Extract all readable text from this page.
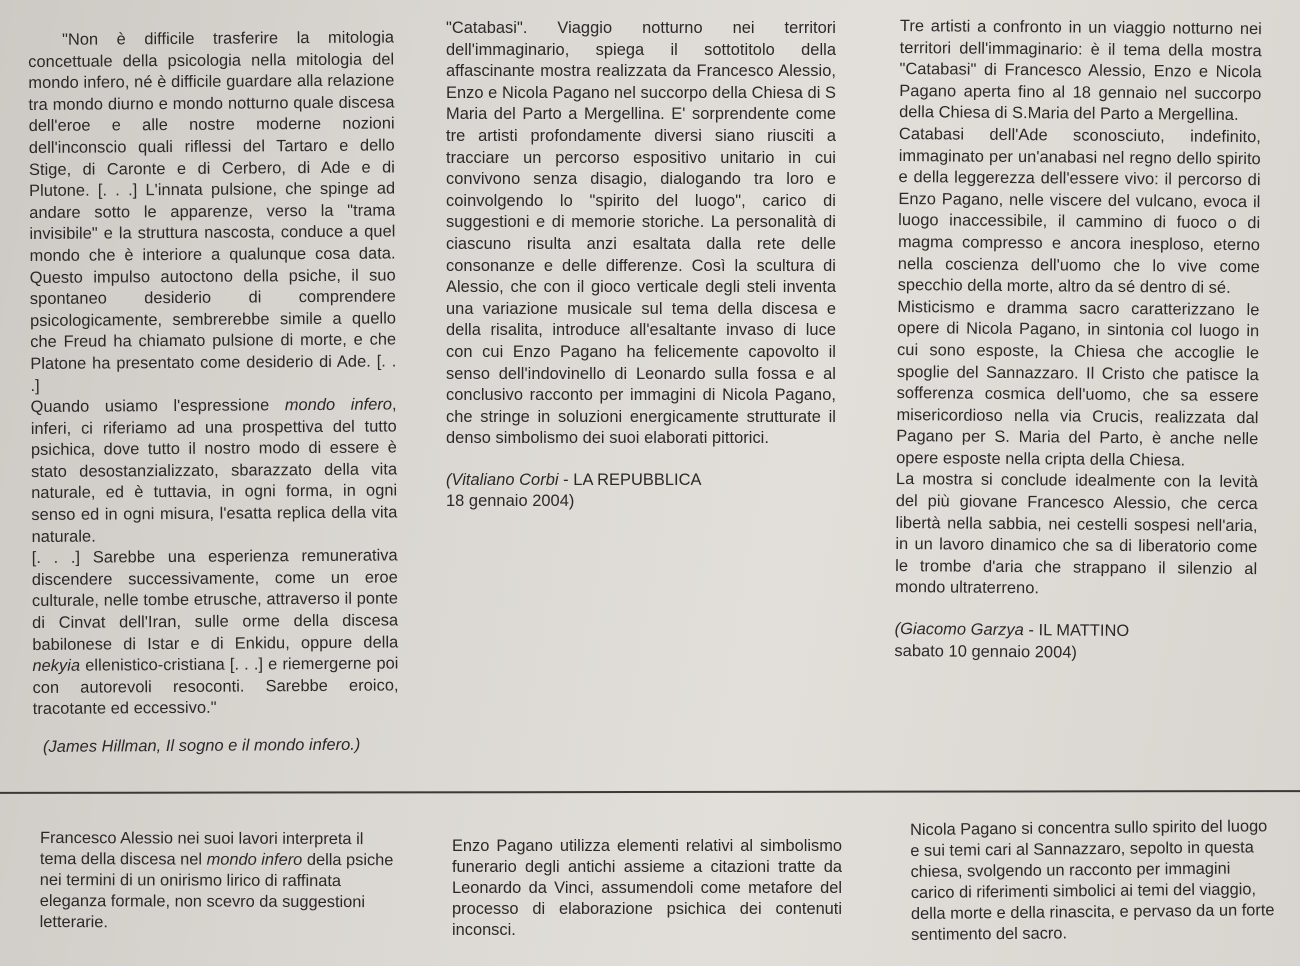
"Non è difficile trasferire la mitologia concettuale della psicologia nella mitologia del mondo infero, né è difficile guardare alla relazione tra mondo diurno e mondo notturno quale discesa dell'eroe e alle nostre moderne nozioni dell'inconscio quali riflessi del Tartaro e dello Stige, di Caronte e di Cerbero, di Ade e di Plutone. [. . .] L'innata pulsione, che spinge ad andare sotto le apparenze, verso la "trama invisibile" e la struttura nascosta, conduce a quel mondo che è interiore a qualunque cosa data. Questo impulso autoctono della psiche, il suo spontaneo desiderio di comprendere psicologicamente, sembrerebbe simile a quello che Freud ha chiamato pulsione di morte, e che Platone ha presentato come desiderio di Ade. [. . .]

Quando usiamo l'espressione mondo infero, inferi, ci riferiamo ad una prospettiva del tutto psichica, dove tutto il nostro modo di essere è stato desostanzializzato, sbarazzato della vita naturale, ed è tuttavia, in ogni forma, in ogni senso ed in ogni misura, l'esatta replica della vita naturale.

[. . .] Sarebbe una esperienza remunerativa discendere successivamente, come un eroe culturale, nelle tombe etrusche, attraverso il ponte di Cinvat dell'Iran, sulle orme della discesa babilonese di Istar e di Enkidu, oppure della nekyia ellenistico-cristiana [. . .] e riemergerne poi con autorevoli resoconti. Sarebbe eroico, tracotante ed eccessivo."

(James Hillman, Il sogno e il mondo infero.)

"Catabasi". Viaggio notturno nei territori dell'immaginario, spiega il sottotitolo della affascinante mostra realizzata da Francesco Alessio, Enzo e Nicola Pagano nel succorpo della Chiesa di S Maria del Parto a Mergellina. E' sorprendente come tre artisti profondamente diversi siano riusciti a tracciare un percorso espositivo unitario in cui convivono senza disagio, dialogando tra loro e coinvolgendo lo "spirito del luogo", carico di suggestioni e di memorie storiche. La personalità di ciascuno risulta anzi esaltata dalla rete delle consonanze e delle differenze. Così la scultura di Alessio, che con il gioco verticale degli steli inventa una variazione musicale sul tema della discesa e della risalita, introduce all'esaltante invaso di luce con cui Enzo Pagano ha felicemente capovolto il senso dell'indovinello di Leonardo sulla fossa e al conclusivo racconto per immagini di Nicola Pagano, che stringe in soluzioni energicamente strutturate il denso simbolismo dei suoi elaborati pittorici.

(Vitaliano Corbi - LA REPUBBLICA
18 gennaio 2004)

Tre artisti a confronto in un viaggio notturno nei territori dell'immaginario: è il tema della mostra "Catabasi" di Francesco Alessio, Enzo e Nicola Pagano aperta fino al 18 gennaio nel succorpo della Chiesa di S.Maria del Parto a Mergellina.

Catabasi dell'Ade sconosciuto, indefinito, immaginato per un'anabasi nel regno dello spirito e della leggerezza dell'essere vivo: il percorso di Enzo Pagano, nelle viscere del vulcano, evoca il luogo inaccessibile, il cammino di fuoco o di magma compresso e ancora inesploso, eterno nella coscienza dell'uomo che lo vive come specchio della morte, altro da sé dentro di sé.

Misticismo e dramma sacro caratterizzano le opere di Nicola Pagano, in sintonia col luogo in cui sono esposte, la Chiesa che accoglie le spoglie del Sannazzaro. Il Cristo che patisce la sofferenza cosmica dell'uomo, che sa essere misericordioso nella via Crucis, realizzata dal Pagano per S. Maria del Parto, è anche nelle opere esposte nella cripta della Chiesa.

La mostra si conclude idealmente con la levità del più giovane Francesco Alessio, che cerca libertà nella sabbia, nei cestelli sospesi nell'aria, in un lavoro dinamico che sa di liberatorio come le trombe d'aria che strappano il silenzio al mondo ultraterreno.

(Giacomo Garzya - IL MATTINO
sabato 10 gennaio 2004)

Francesco Alessio nei suoi lavori interpreta il tema della discesa nel mondo infero della psiche nei termini di un onirismo lirico di raffinata eleganza formale, non scevro da suggestioni letterarie.
Enzo Pagano utilizza elementi relativi al simbolismo funerario degli antichi assieme a citazioni tratte da Leonardo da Vinci, assumendoli come metafore del processo di elaborazione psichica dei contenuti inconsci.
Nicola Pagano si concentra sullo spirito del luogo e sui temi cari al Sannazzaro, sepolto in questa chiesa, svolgendo un racconto per immagini carico di riferimenti simbolici ai temi del viaggio, della morte e della rinascita, e pervaso da un forte sentimento del sacro.
